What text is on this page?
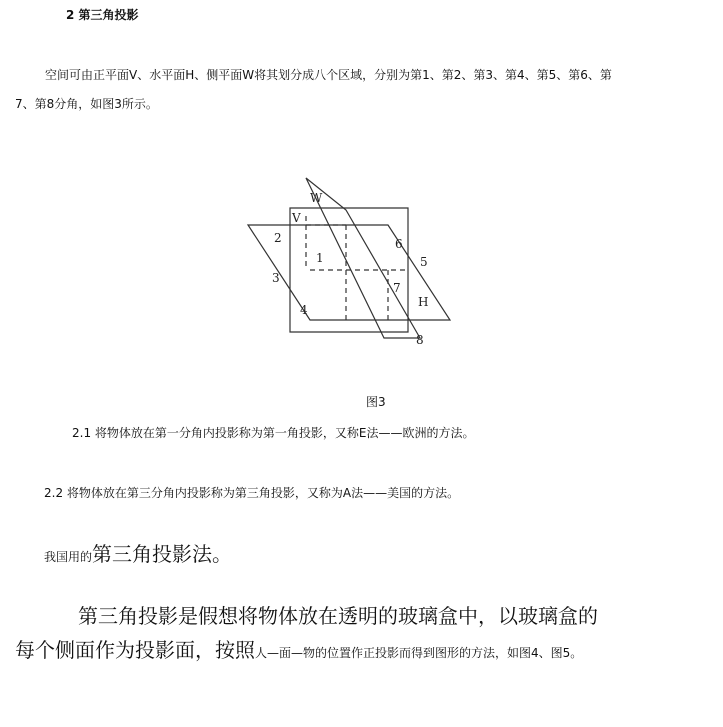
2 第三角投影
空间可由正平面V、水平面H、侧平面W将其划分成八个区域，分别为第1、第2、第3、第4、第5、第6、第
7、第8分角，如图3所示。
W
V
H
1
2
3
4
5
6
7
8
图3
2.1 将物体放在第一分角内投影称为第一角投影，又称E法——欧洲的方法。
2.2 将物体放在第三分角内投影称为第三角投影，又称为A法——美国的方法。
我国用的第三角投影法。
第三角投影是假想将物体放在透明的玻璃盒中，以玻璃盒的
每个侧面作为投影面，按照人—面—物的位置作正投影而得到图形的方法，如图4、图5。
